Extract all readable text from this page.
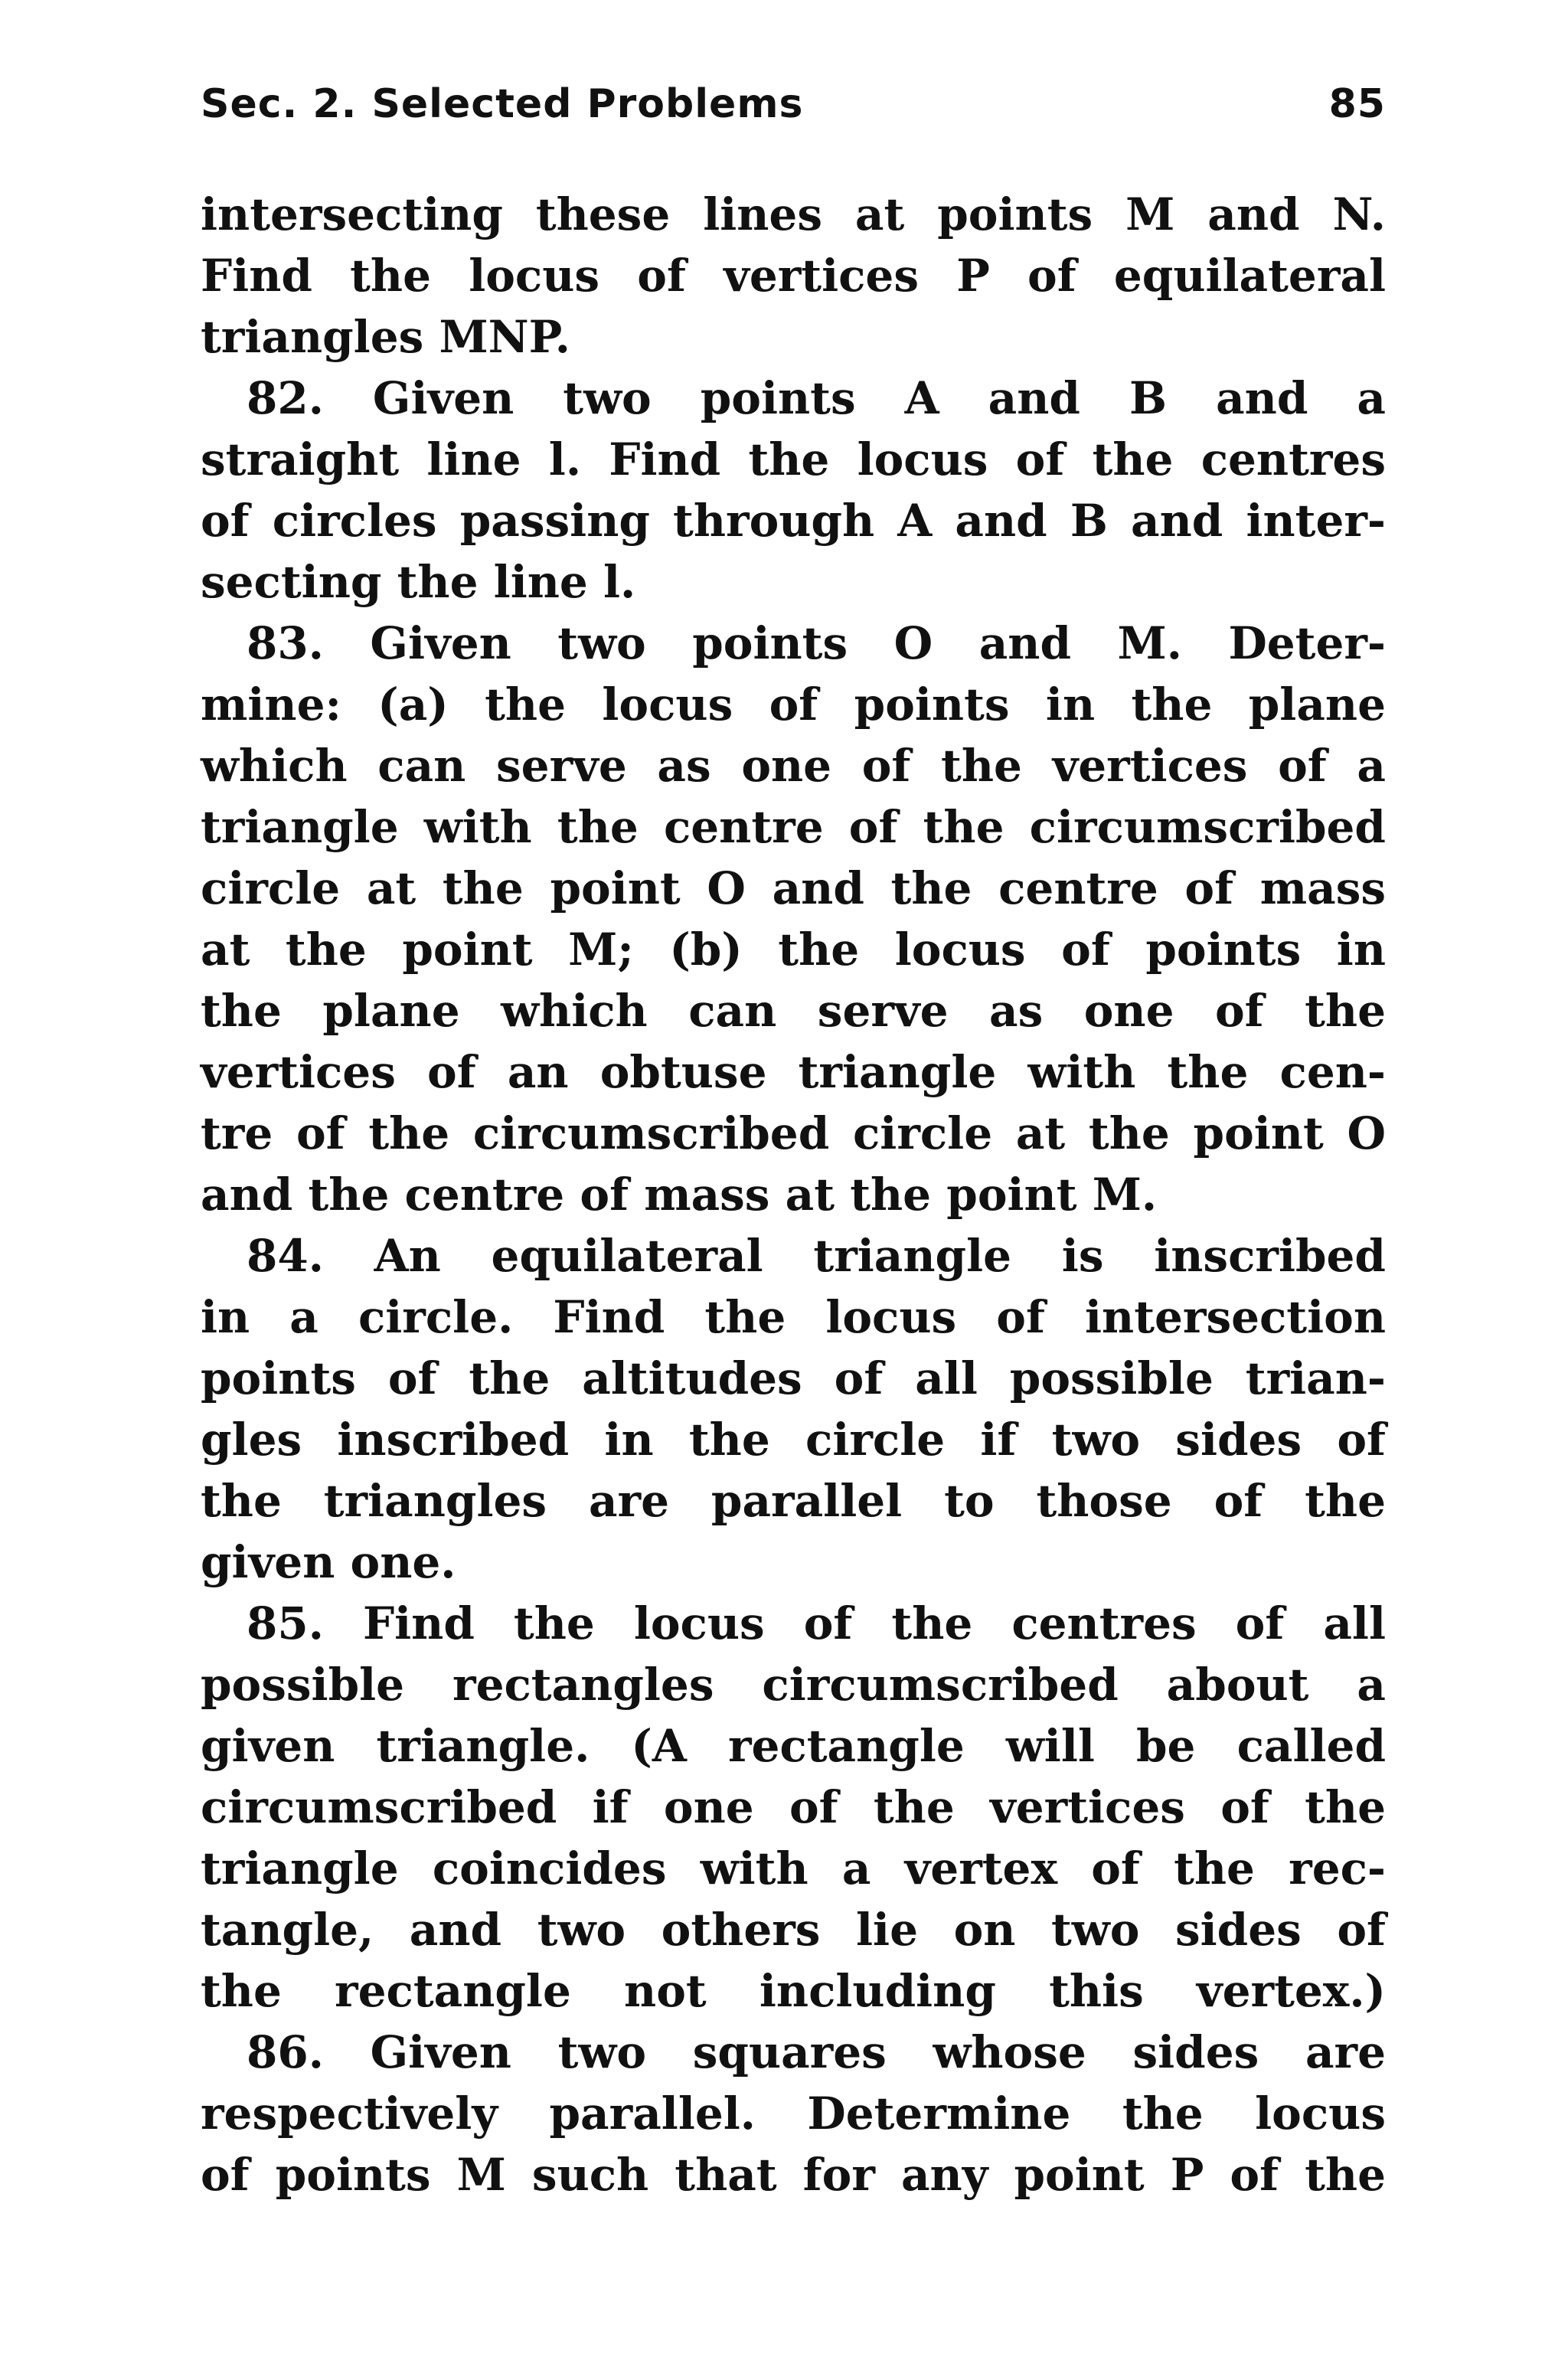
Sec. 2. Selected Problems	85
intersecting these lines at points M and N.
Find the locus of vertices P of equilateral
triangles MNP.
82. Given two points A and B and a
straight line l. Find the locus of the centres
of circles passing through A and B and inter-
secting the line l.
83. Given two points O and M. Deter-
mine: (a) the locus of points in the plane
which can serve as one of the vertices of a
triangle with the centre of the circumscribed
circle at the point O and the centre of mass
at the point M; (b) the locus of points in
the plane which can serve as one of the
vertices of an obtuse triangle with the cen-
tre of the circumscribed circle at the point O
and the centre of mass at the point M.
84. An equilateral triangle is inscribed
in a circle. Find the locus of intersection
points of the altitudes of all possible trian-
gles inscribed in the circle if two sides of
the triangles are parallel to those of the
given one.
85. Find the locus of the centres of all
possible rectangles circumscribed about a
given triangle. (A rectangle will be called
circumscribed if one of the vertices of the
triangle coincides with a vertex of the rec-
tangle, and two others lie on two sides of
the rectangle not including this vertex.)
86. Given two squares whose sides are
respectively parallel. Determine the locus
of points M such that for any point P of the
